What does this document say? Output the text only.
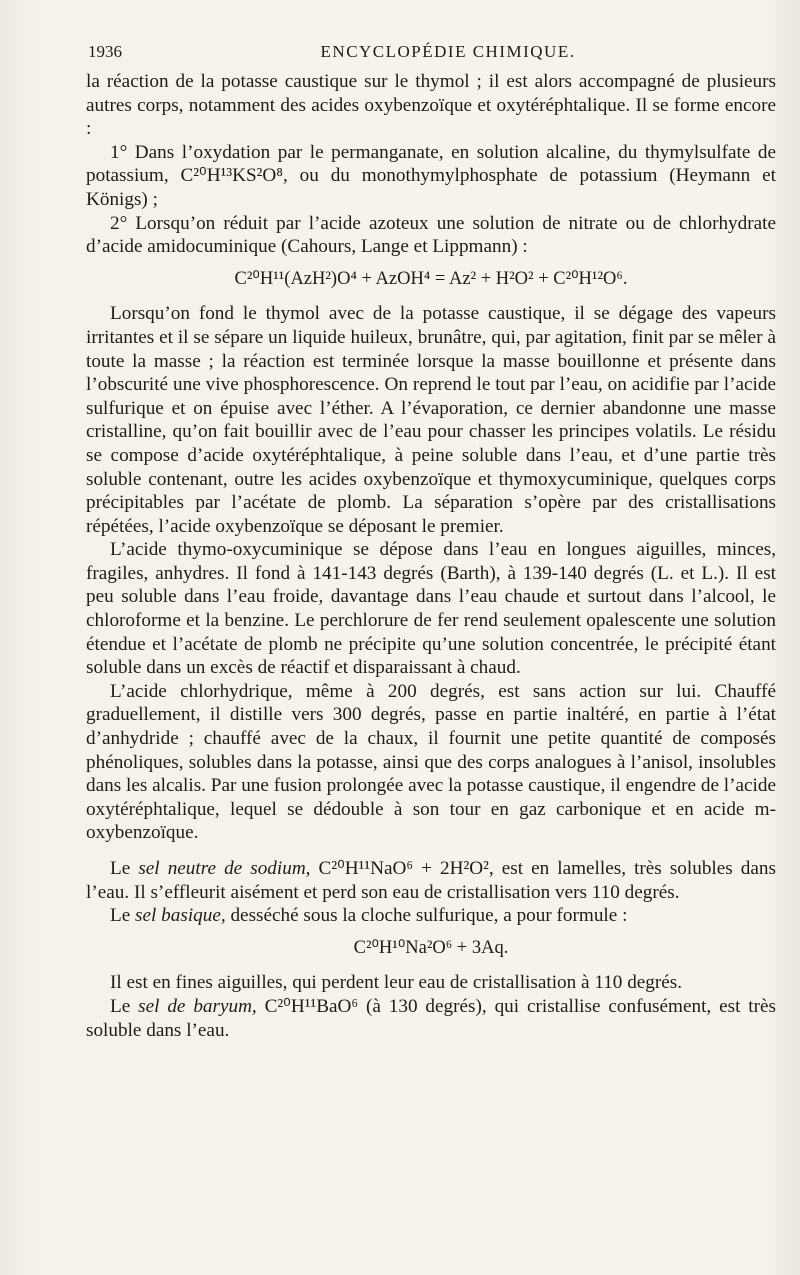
1936	ENCYCLOPÉDIE CHIMIQUE.

la réaction de la potasse caustique sur le thymol ; il est alors accompagné de plusieurs autres corps, notamment des acides oxybenzoïque et oxytéréphtalique. Il se forme encore :

1° Dans l’oxydation par le permanganate, en solution alcaline, du thymylsulfate de potassium, C²⁰H¹³KS²O⁸, ou du monothymylphosphate de potassium (Heymann et Königs) ;

2° Lorsqu’on réduit par l’acide azoteux une solution de nitrate ou de chlorhydrate d’acide amidocuminique (Cahours, Lange et Lippmann) :

C²⁰H¹¹(AzH²)O⁴ + AzOH⁴ = Az² + H²O² + C²⁰H¹²O⁶.

Lorsqu’on fond le thymol avec de la potasse caustique, il se dégage des vapeurs irritantes et il se sépare un liquide huileux, brunâtre, qui, par agitation, finit par se mêler à toute la masse ; la réaction est terminée lorsque la masse bouillonne et présente dans l’obscurité une vive phosphorescence. On reprend le tout par l’eau, on acidifie par l’acide sulfurique et on épuise avec l’éther. A l’évaporation, ce dernier abandonne une masse cristalline, qu’on fait bouillir avec de l’eau pour chasser les principes volatils. Le résidu se compose d’acide oxytéréphtalique, à peine soluble dans l’eau, et d’une partie très soluble contenant, outre les acides oxybenzoïque et thymoxycuminique, quelques corps précipitables par l’acétate de plomb. La séparation s’opère par des cristallisations répétées, l’acide oxybenzoïque se déposant le premier.

L’acide thymo-oxycuminique se dépose dans l’eau en longues aiguilles, minces, fragiles, anhydres. Il fond à 141-143 degrés (Barth), à 139-140 degrés (L. et L.). Il est peu soluble dans l’eau froide, davantage dans l’eau chaude et surtout dans l’alcool, le chloroforme et la benzine. Le perchlorure de fer rend seulement opalescente une solution étendue et l’acétate de plomb ne précipite qu’une solution concentrée, le précipité étant soluble dans un excès de réactif et disparaissant à chaud.

L’acide chlorhydrique, même à 200 degrés, est sans action sur lui. Chauffé graduellement, il distille vers 300 degrés, passe en partie inaltéré, en partie à l’état d’anhydride ; chauffé avec de la chaux, il fournit une petite quantité de composés phénoliques, solubles dans la potasse, ainsi que des corps analogues à l’anisol, insolubles dans les alcalis. Par une fusion prolongée avec la potasse caustique, il engendre de l’acide oxytéréphtalique, lequel se dédouble à son tour en gaz carbonique et en acide m-oxybenzoïque.

Le sel neutre de sodium, C²⁰H¹¹NaO⁶ + 2H²O², est en lamelles, très solubles dans l’eau. Il s’effleurit aisément et perd son eau de cristallisation vers 110 degrés.

Le sel basique, desséché sous la cloche sulfurique, a pour formule :

C²⁰H¹⁰Na²O⁶ + 3Aq.

Il est en fines aiguilles, qui perdent leur eau de cristallisation à 110 degrés.

Le sel de baryum, C²⁰H¹¹BaO⁶ (à 130 degrés), qui cristallise confusément, est très soluble dans l’eau.
